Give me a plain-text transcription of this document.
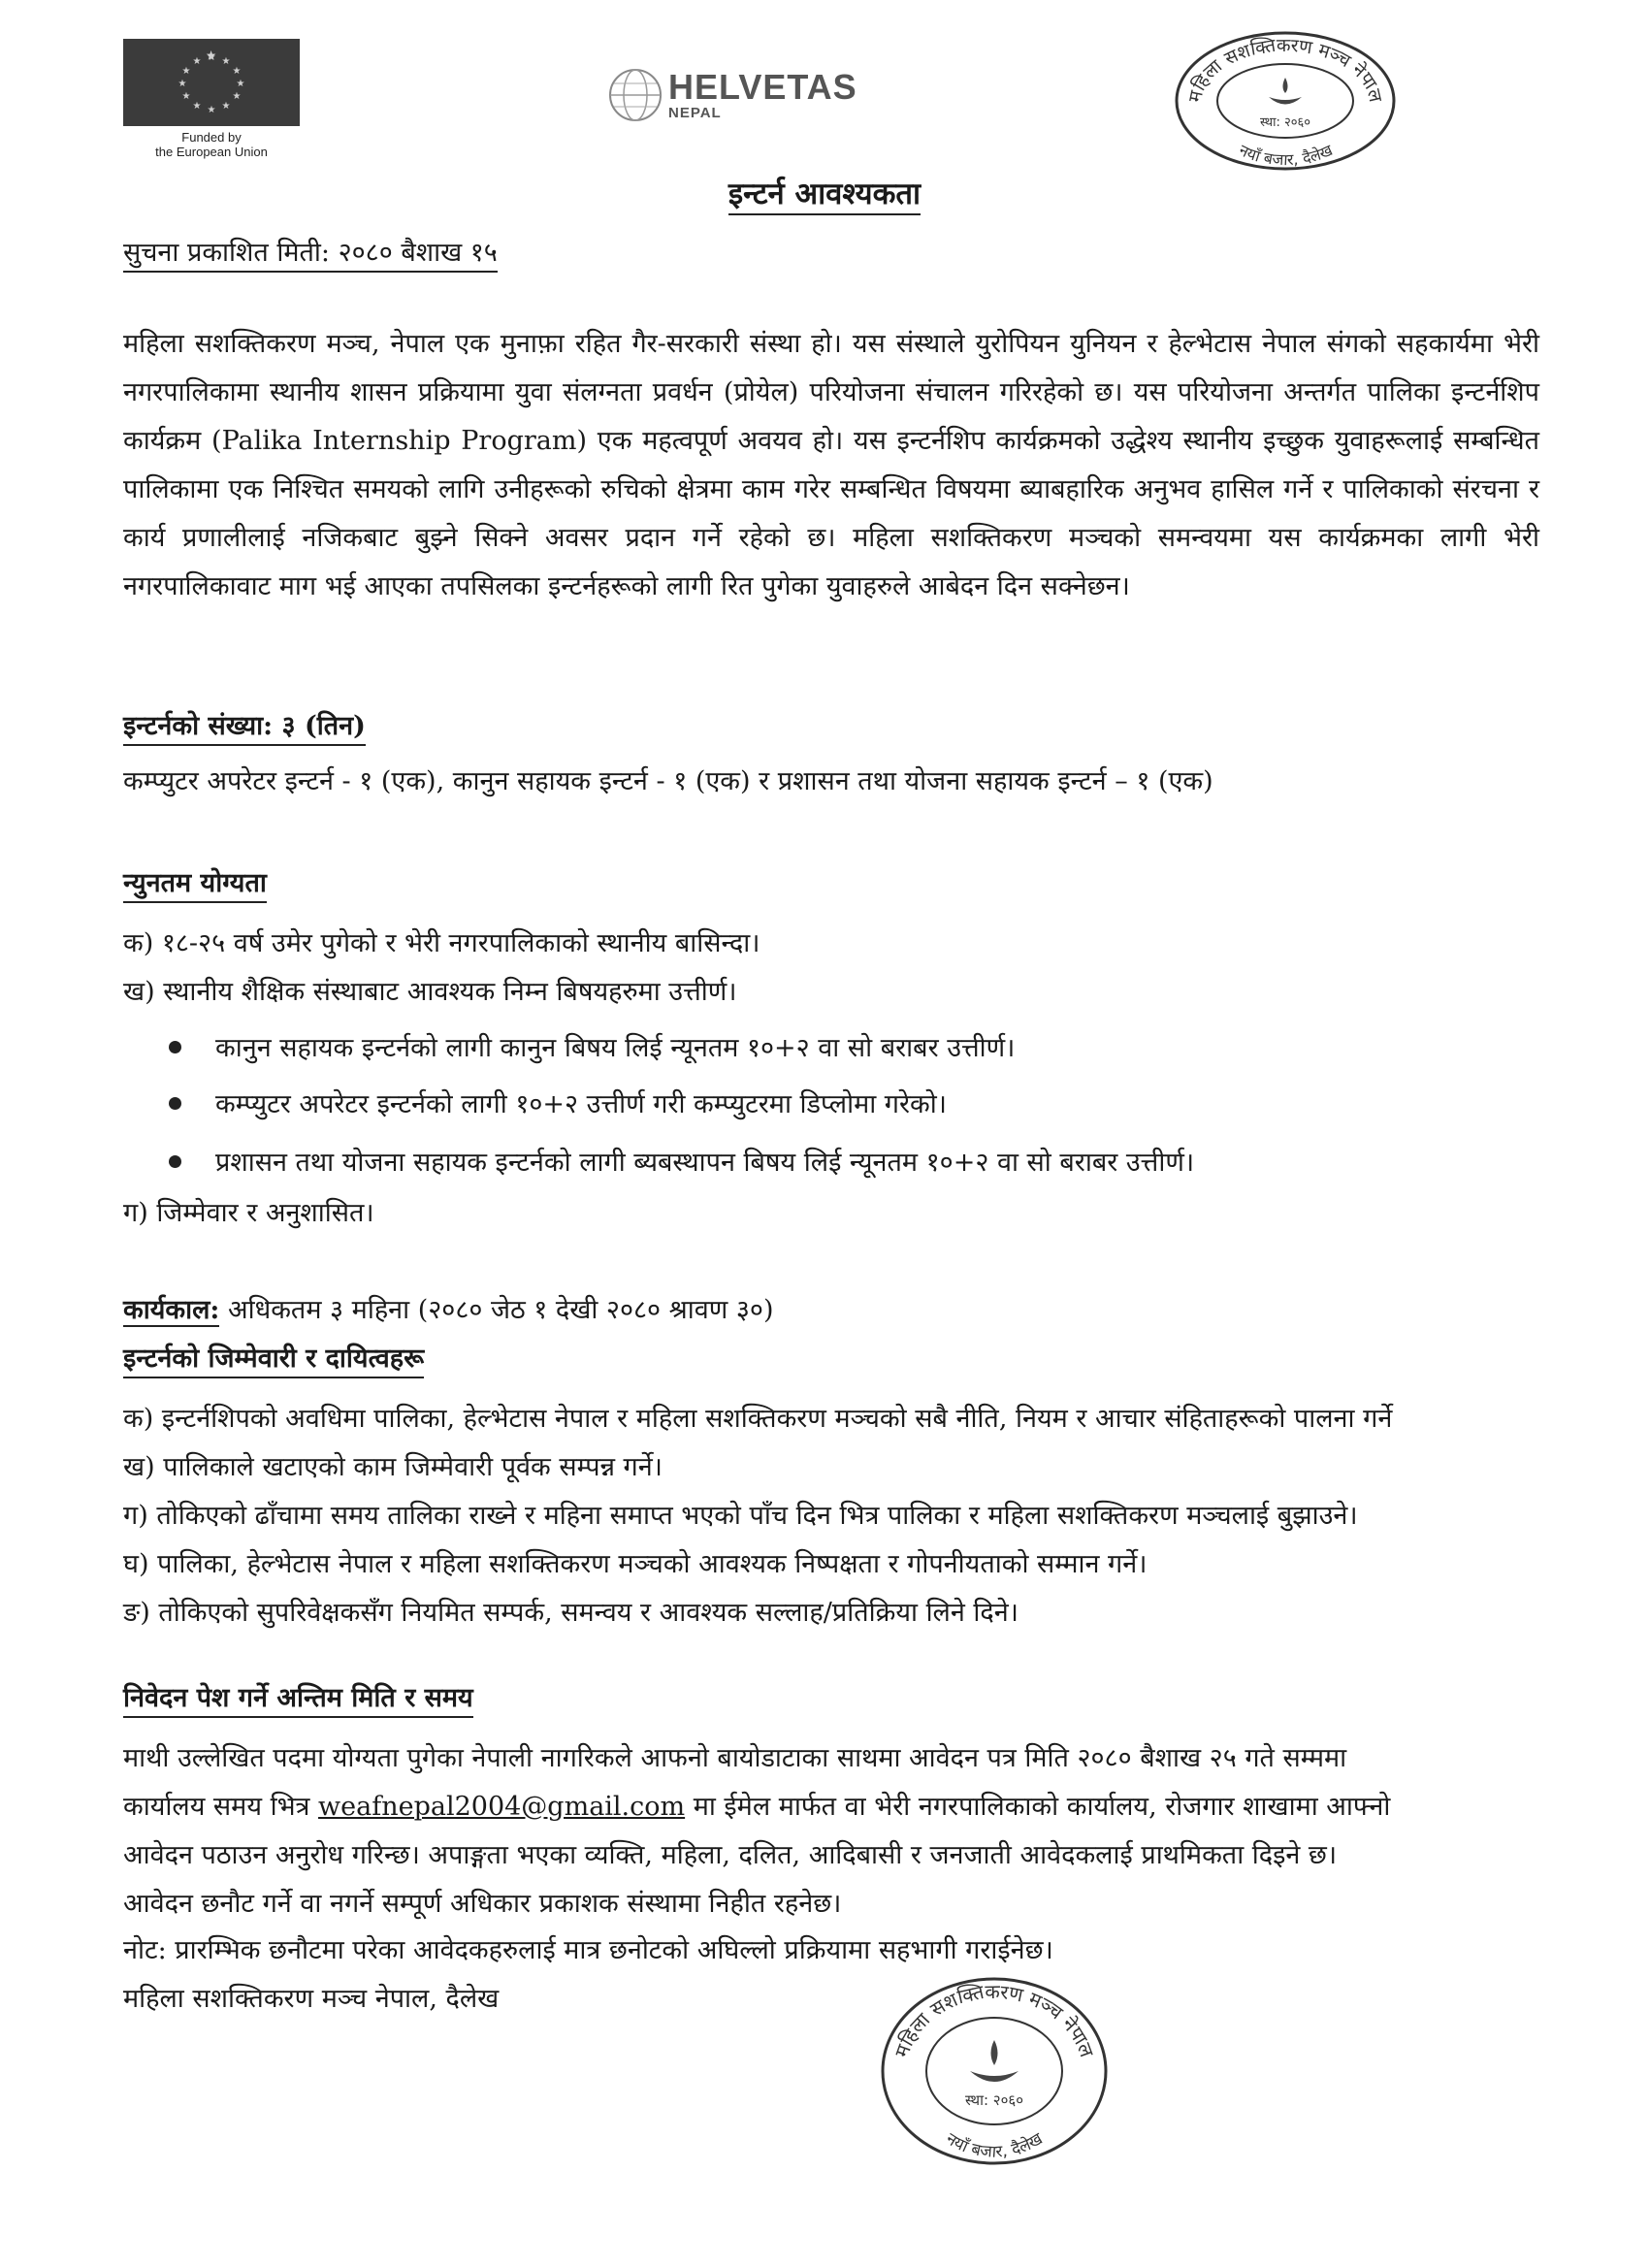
★ ★
★
★
★
★
★
★
★
★
★
★
Funded by
the European Union
HELVETAS
NEPAL
महिला सशक्तिकरण मञ्च नेपाल
नयाँ बजार, दैलेख
स्था: २०६०
इन्टर्न आवश्यकता
सुचना प्रकाशित मिती: २०८० बैशाख १५
महिला सशक्तिकरण मञ्च, नेपाल एक मुनाफ़ा रहित गैर-सरकारी संस्था हो। यस संस्थाले युरोपियन युनियन र हेल्भेटास नेपाल संगको सहकार्यमा भेरी नगरपालिकामा स्थानीय शासन प्रक्रियामा युवा संलग्नता प्रवर्धन (प्रोयेल) परियोजना संचालन गरिरहेको छ। यस परियोजना अन्तर्गत पालिका इन्टर्नशिप कार्यक्रम (Palika Internship Program) एक महत्वपूर्ण अवयव हो। यस इन्टर्नशिप कार्यक्रमको उद्धेश्य स्थानीय इच्छुक युवाहरूलाई सम्बन्धित पालिकामा एक निश्चित समयको लागि उनीहरूको रुचिको क्षेत्रमा काम गरेर सम्बन्धित विषयमा ब्याबहारिक अनुभव हासिल गर्ने र पालिकाको संरचना र कार्य प्रणालीलाई नजिकबाट बुझ्ने सिक्ने अवसर प्रदान गर्ने रहेको छ। महिला सशक्तिकरण मञ्चको समन्वयमा यस कार्यक्रमका लागी भेरी नगरपालिकावाट माग भई आएका तपसिलका इन्टर्नहरूको लागी रित पुगेका युवाहरुले आबेदन दिन सक्नेछन।
इन्टर्नको संख्या: ३ (तिन)
कम्प्युटर अपरेटर इन्टर्न - १ (एक), कानुन सहायक इन्टर्न - १ (एक) र प्रशासन तथा योजना सहायक इन्टर्न – १ (एक)
न्युनतम योग्यता
क) १८-२५ वर्ष उमेर पुगेको र भेरी नगरपालिकाको स्थानीय बासिन्दा।
ख) स्थानीय शैक्षिक संस्थाबाट आवश्यक निम्न बिषयहरुमा उत्तीर्ण।
कानुन सहायक इन्टर्नको लागी कानुन बिषय लिई न्यूनतम १०+२ वा सो बराबर उत्तीर्ण।
कम्प्युटर अपरेटर इन्टर्नको लागी १०+२ उत्तीर्ण गरी कम्प्युटरमा डिप्लोमा गरेको।
प्रशासन तथा योजना सहायक इन्टर्नको लागी ब्यबस्थापन बिषय लिई न्यूनतम १०+२ वा सो बराबर उत्तीर्ण।
ग) जिम्मेवार र अनुशासित।
कार्यकाल: अधिकतम ३ महिना (२०८० जेठ १ देखी २०८० श्रावण ३०)
इन्टर्नको जिम्मेवारी र दायित्वहरू
क) इन्टर्नशिपको अवधिमा पालिका, हेल्भेटास नेपाल र महिला सशक्तिकरण मञ्चको सबै नीति, नियम र आचार संहिताहरूको पालना गर्ने
ख) पालिकाले खटाएको काम जिम्मेवारी पूर्वक सम्पन्न गर्ने।
ग) तोकिएको ढाँचामा समय तालिका राख्ने र महिना समाप्त भएको पाँच दिन भित्र पालिका र महिला सशक्तिकरण मञ्चलाई बुझाउने।
घ) पालिका, हेल्भेटास नेपाल र महिला सशक्तिकरण मञ्चको आवश्यक निष्पक्षता र गोपनीयताको सम्मान गर्ने।
ङ) तोकिएको सुपरिवेक्षकसँग नियमित सम्पर्क, समन्वय र आवश्यक सल्लाह/प्रतिक्रिया लिने दिने।
निवेदन पेश गर्ने अन्तिम मिति र समय
माथी उल्लेखित पदमा योग्यता पुगेका नेपाली नागरिकले आफनो बायोडाटाका साथमा आवेदन पत्र मिति २०८० बैशाख २५ गते सम्ममा
कार्यालय समय भित्र weafnepal2004@gmail.com मा ईमेल मार्फत वा भेरी नगरपालिकाको कार्यालय, रोजगार शाखामा आफ्नो
आवेदन पठाउन अनुरोध गरिन्छ। अपाङ्गता भएका व्यक्ति, महिला, दलित, आदिबासी र जनजाती आवेदकलाई प्राथमिकता दिइने छ।
आवेदन छनौट गर्ने वा नगर्ने सम्पूर्ण अधिकार प्रकाशक संस्थामा निहीत रहनेछ।
नोट: प्रारम्भिक छनौटमा परेका आवेदकहरुलाई मात्र छनोटको अघिल्लो प्रक्रियामा सहभागी गराईनेछ।
महिला सशक्तिकरण मञ्च नेपाल, दैलेख
महिला सशक्तिकरण मञ्च नेपाल
नयाँ बजार, दैलेख
स्था: २०६०
